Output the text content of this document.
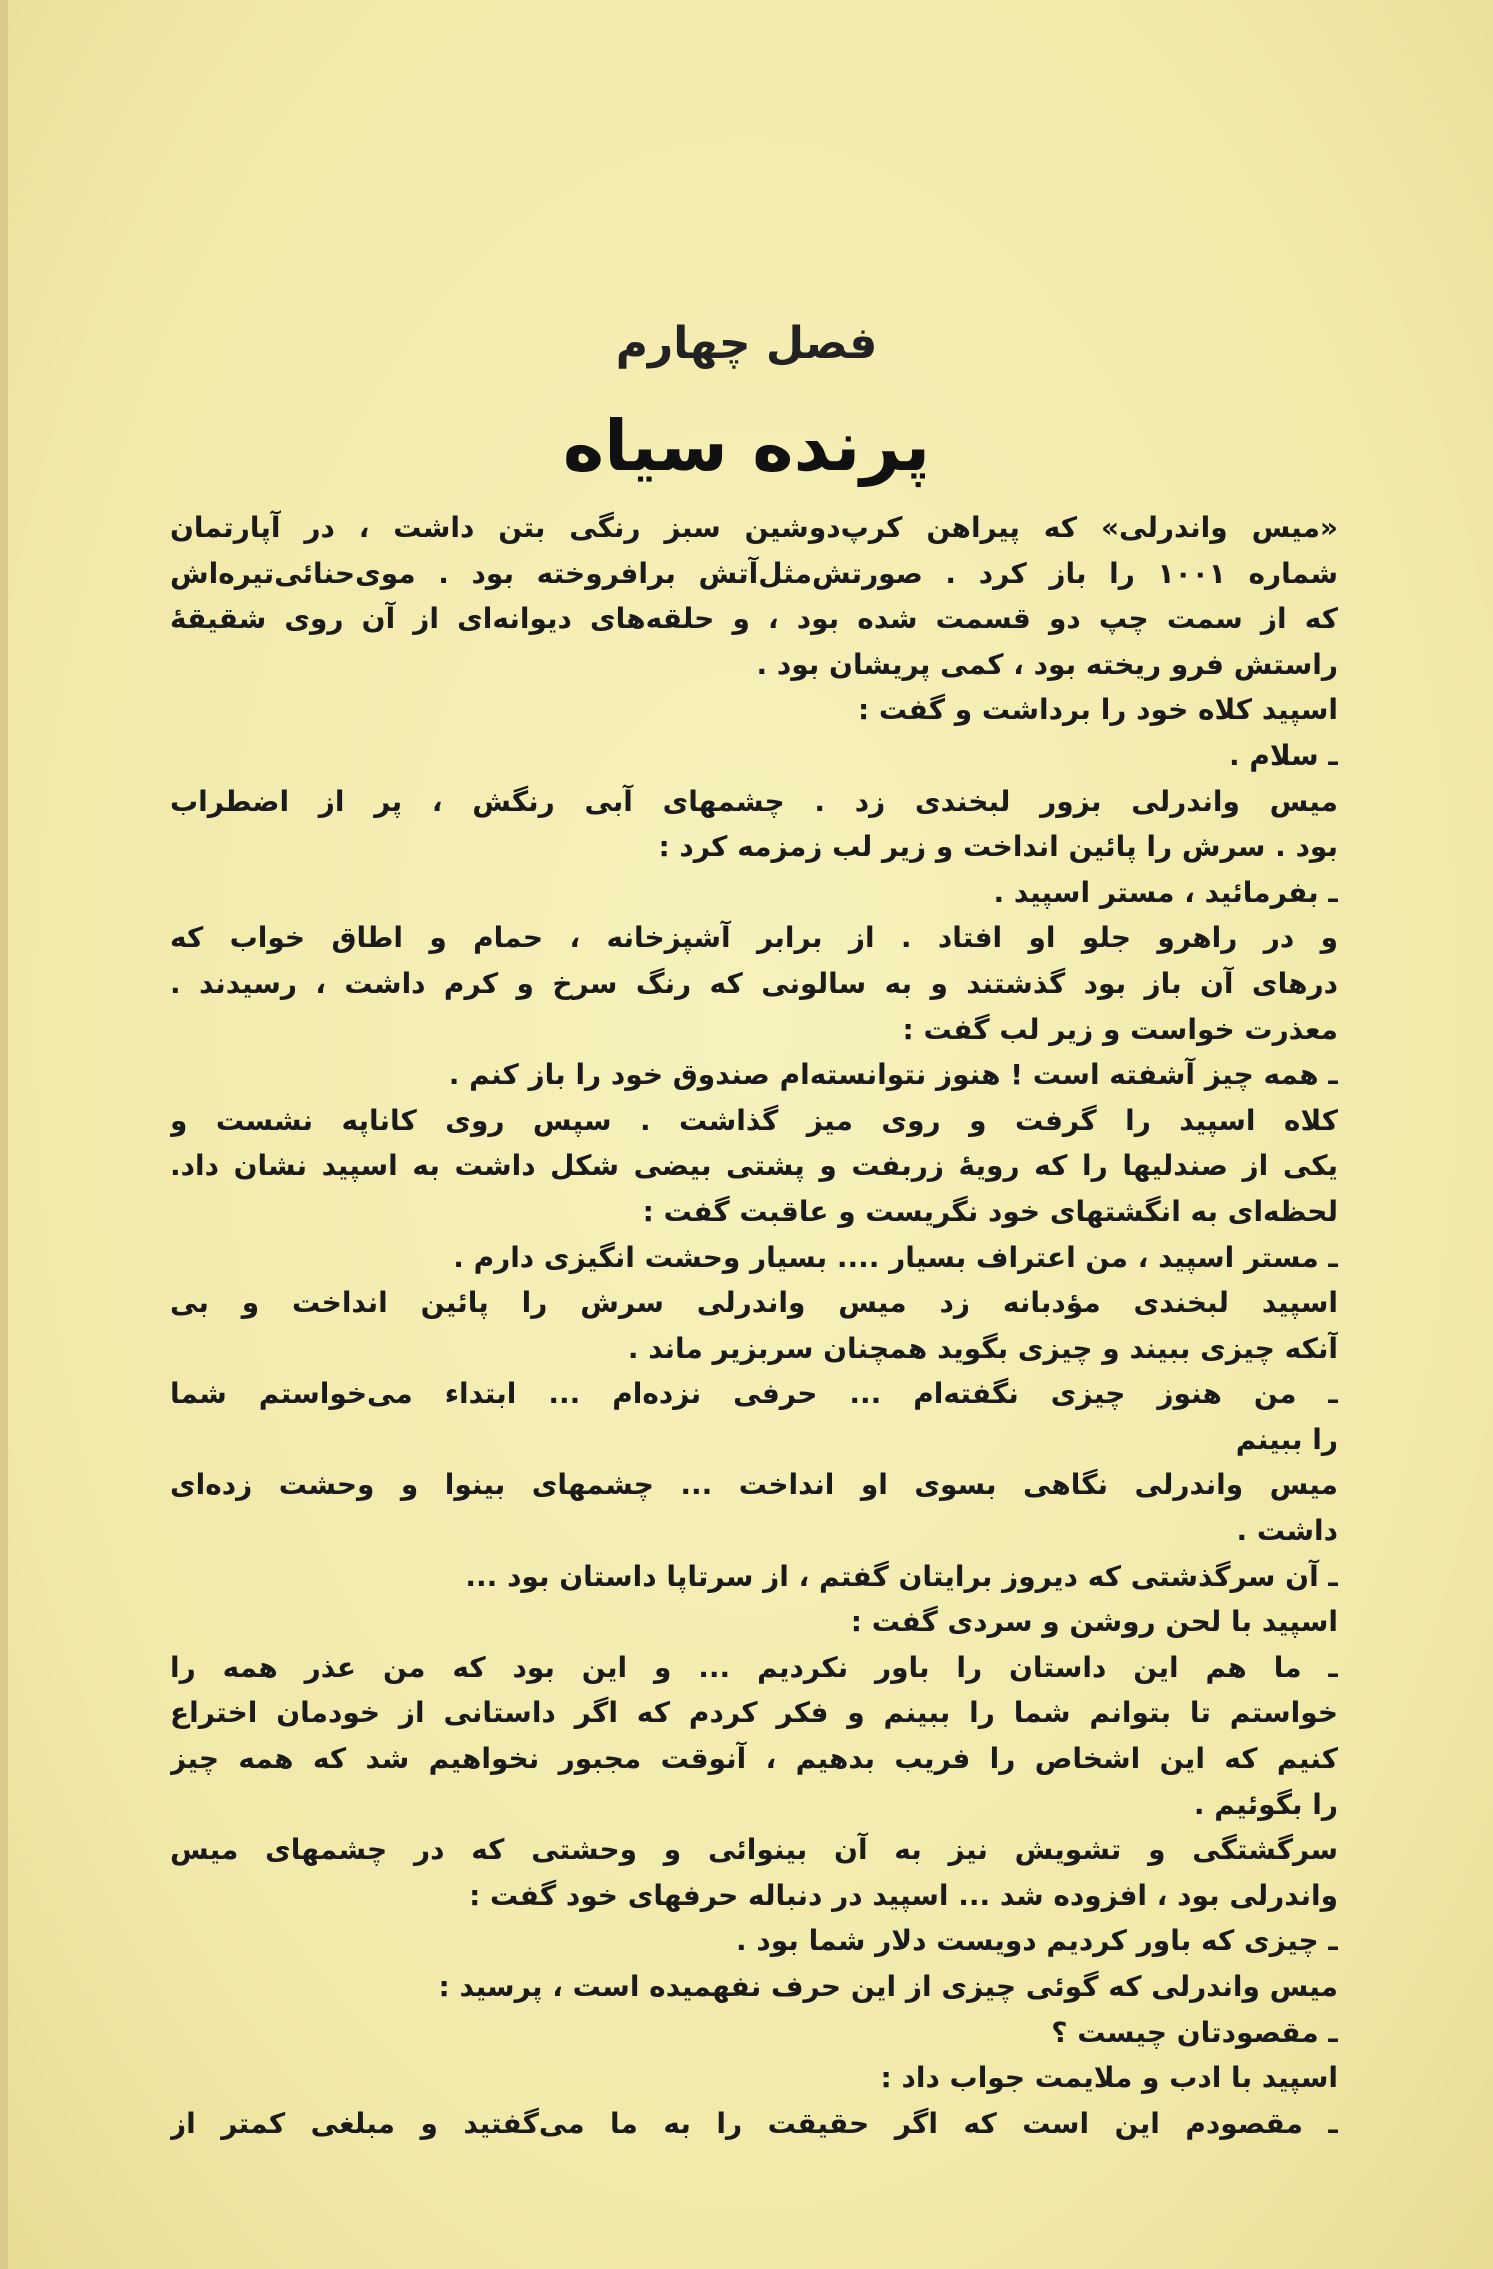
فصل چهارم
پرنده سیاه
«میس واندرلی» که پیراهن کرپ‌دوشین سبز رنگی بتن داشت ، در آپارتمان
شماره ۱۰۰۱ را باز کرد . صورتش‌مثل‌آتش برافروخته بود . موی‌حنائی‌تیره‌اش
که از سمت چپ دو قسمت شده بود ، و حلقه‌های دیوانه‌ای از آن روی شقیقهٔ
راستش فرو ریخته بود ، کمی پریشان بود .
اسپید کلاه خود را برداشت و گفت :
ـ سلام .
میس واندرلی بزور لبخندی زد . چشمهای آبی رنگش ، پر از اضطراب
بود . سرش را پائین انداخت و زیر لب زمزمه کرد :
ـ بفرمائید ، مستر اسپید .
و در راهرو جلو او افتاد . از برابر آشپزخانه ، حمام و اطاق خواب که
درهای آن باز بود گذشتند و به سالونی که رنگ سرخ و کرم داشت ، رسیدند .
معذرت خواست و زیر لب گفت :
ـ همه چیز آشفته است ! هنوز نتوانسته‌ام صندوق خود را باز کنم .
کلاه اسپید را گرفت و روی میز گذاشت . سپس روی کاناپه نشست و
یکی از صندلیها را که رویهٔ زربفت و پشتی بیضی شکل داشت به اسپید نشان داد.
لحظه‌ای به انگشتهای خود نگریست و عاقبت گفت :
ـ مستر اسپید ، من اعتراف بسیار .... بسیار وحشت انگیزی دارم .
اسپید لبخندی مؤدبانه زد میس واندرلی سرش را پائین انداخت و بی
آنکه چیزی ببیند و چیزی بگوید همچنان سربزیر ماند .
ـ من هنوز چیزی نگفته‌ام ... حرفی نزده‌ام ... ابتداء می‌خواستم شما
را ببینم
میس واندرلی نگاهی بسوی او انداخت ... چشمهای بینوا و وحشت زده‌ای
داشت .
ـ آن سرگذشتی که دیروز برایتان گفتم ، از سرتاپا داستان بود ...
اسپید با لحن روشن و سردی گفت :
ـ ما هم این داستان را باور نکردیم ... و این بود که من عذر همه را
خواستم تا بتوانم شما را ببینم و فکر کردم که اگر داستانی از خودمان اختراع
کنیم که این اشخاص را فریب بدهیم ، آنوقت مجبور نخواهیم شد که همه چیز
را بگوئیم .
سرگشتگی و تشویش نیز به آن بینوائی و وحشتی که در چشمهای میس
واندرلی بود ، افزوده شد ... اسپید در دنباله حرفهای خود گفت :
ـ چیزی که باور کردیم دویست دلار شما بود .
میس واندرلی که گوئی چیزی از این حرف نفهمیده است ، پرسید :
ـ مقصودتان چیست ؟
اسپید با ادب و ملایمت جواب داد :
ـ مقصودم این است که اگر حقیقت را به ما می‌گفتید و مبلغی کمتر از
